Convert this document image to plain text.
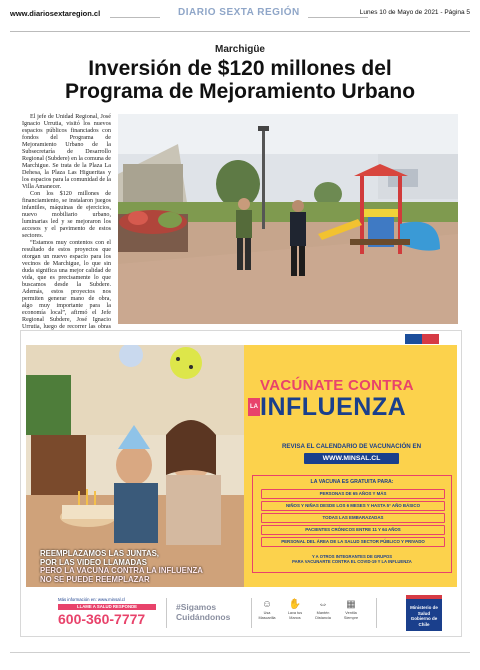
www.diariosextaregion.cl	DIARIO SEXTA REGIÓN	Lunes 10 de Mayo de 2021 - Página 5
Marchigüe
Inversión de $120 millones del
Programa de Mejoramiento Urbano

El jefe de Unidad Regional, José Ignacio Urrutia, visitó los nuevos espacios públicos financiados con fondos del Programa de Mejoramiento Urbano de la Subsecretaría de Desarrollo Regional (Subdere) en la comuna de Marchigue. Se trata de la Plaza La Dehesa, la Plaza Las Higueritas y los espacios para la comunidad de la Villa Amanecer.

Con los $120 millones de financiamiento, se instalaron juegos infantiles, máquinas de ejercicios, nuevo mobiliario urbano, luminarias led y se mejoraron los accesos y el pavimento de estos sectores.

“Estamos muy contentos con el resultado de estos proyectos que otorgan un nuevo espacio para los vecinos de Marchigue, lo que sin duda significa una mejor calidad de vida, que es precisamente lo que buscamos desde la Subdere. Además, estos proyectos nos permiten generar mano de obra, algo muy importante para la economía local”, afirmó el Jefe Regional Subdere, José Ignacio Urrutia, luego de recorrer las obras

REEMPLAZAMOS LAS JUNTAS,
POR LAS VIDEO LLAMADAS
PERO LA VACUNA CONTRA LA INFLUENZA
NO SE PUEDE REEMPLAZAR
VACÚNATE CONTRA
LA INFLUENZA
REVISA EL CALENDARIO DE VACUNACIÓN EN
WWW.MINSAL.CL
LA VACUNA ES GRATUITA PARA:
PERSONAS DE 65 AÑOS Y MÁS
NIÑOS Y NIÑAS DESDE LOS 6 MESES Y HASTA 5° AÑO BÁSICO
TODAS LAS EMBARAZADAS
PACIENTES CRÓNICOS ENTRE 11 Y 64 AÑOS
PERSONAL DEL ÁREA DE LA SALUD SECTOR PÚBLICO Y PRIVADO
Y A OTROS INTEGRANTES DE GRUPOS
PARA VACUNARTE CONTRA EL COVID-19 Y LA INFLUENZA
Más información en: www.minsal.cl
LLAME A SALUD RESPONDE
600-360-7777
#Sigamos
Cuidándonos
☺
Usa Mascarilla
✋
Lava tus Manos
⇔
Mantén Distancia
▦
Ventila Siempre
Ministerio de
Salud
Gobierno de Chile
